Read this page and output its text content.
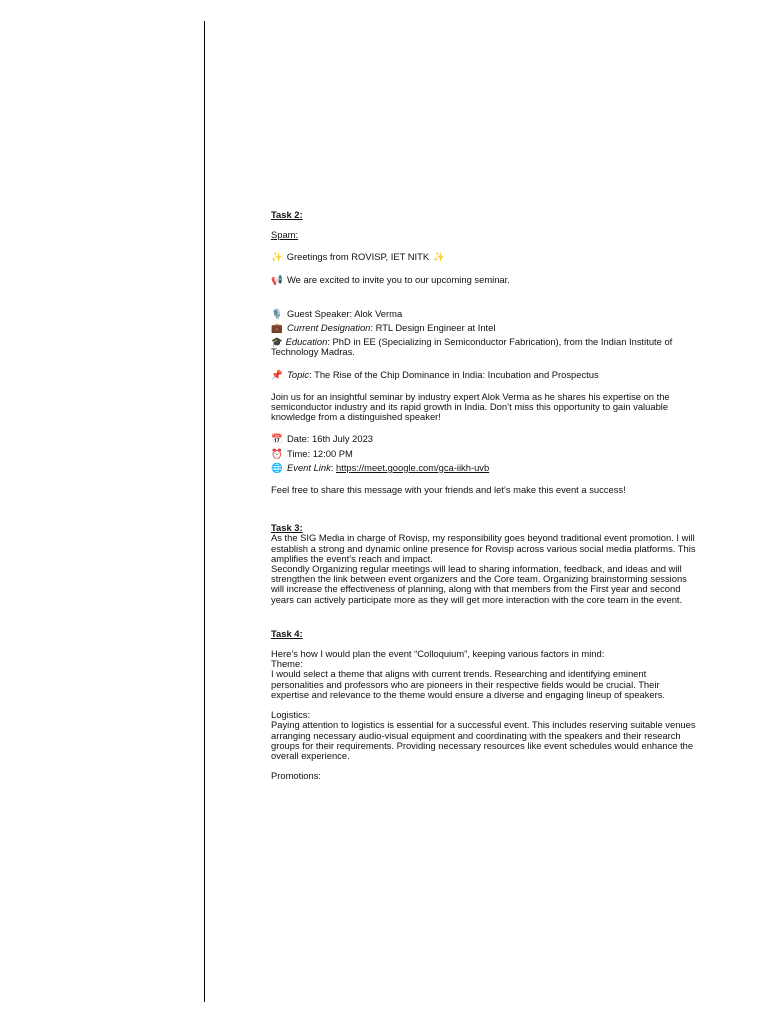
Task 2:

Spam:

✨ Greetings from ROVISP, IET NITK ✨
📢 We are excited to invite you to our upcoming seminar.
🎙️ Guest Speaker: Alok Verma
💼 Current Designation: RTL Design Engineer at Intel

🎓 Education: PhD in EE (Specializing in Semiconductor Fabrication), from the Indian Institute of Technology Madras.

📌 Topic: The Rise of the Chip Dominance in India: Incubation and Prospectus

Join us for an insightful seminar by industry expert Alok Verma as he shares his expertise on the semiconductor industry and its rapid growth in India. Don’t miss this opportunity to gain valuable knowledge from a distinguished speaker!

📅 Date: 16th July 2023
⏰ Time: 12:00 PM
🌐 Event Link: https://meet.google.com/gca-iikh-uvb

Feel free to share this message with your friends and let’s make this event a success!

Task 3:

As the SIG Media in charge of Rovisp, my responsibility goes beyond traditional event promotion. I will establish a strong and dynamic online presence for Rovisp across various social media platforms. This amplifies the event’s reach and impact.

Secondly Organizing regular meetings will lead to sharing information, feedback, and ideas and will strengthen the link between event organizers and the Core team. Organizing brainstorming sessions will increase the effectiveness of planning, along with that members from the First year and second years can actively participate more as they will get more interaction with the core team in the event.

Task 4:

Here’s how I would plan the event “Colloquium”, keeping various factors in mind:

Theme:

I would select a theme that aligns with current trends. Researching and identifying eminent personalities and professors who are pioneers in their respective fields would be crucial. Their expertise and relevance to the theme would ensure a diverse and engaging lineup of speakers.

Logistics:

Paying attention to logistics is essential for a successful event. This includes reserving suitable venues arranging necessary audio-visual equipment and coordinating with the speakers and their research groups for their requirements. Providing necessary resources like event schedules would enhance the overall experience.

Promotions:
